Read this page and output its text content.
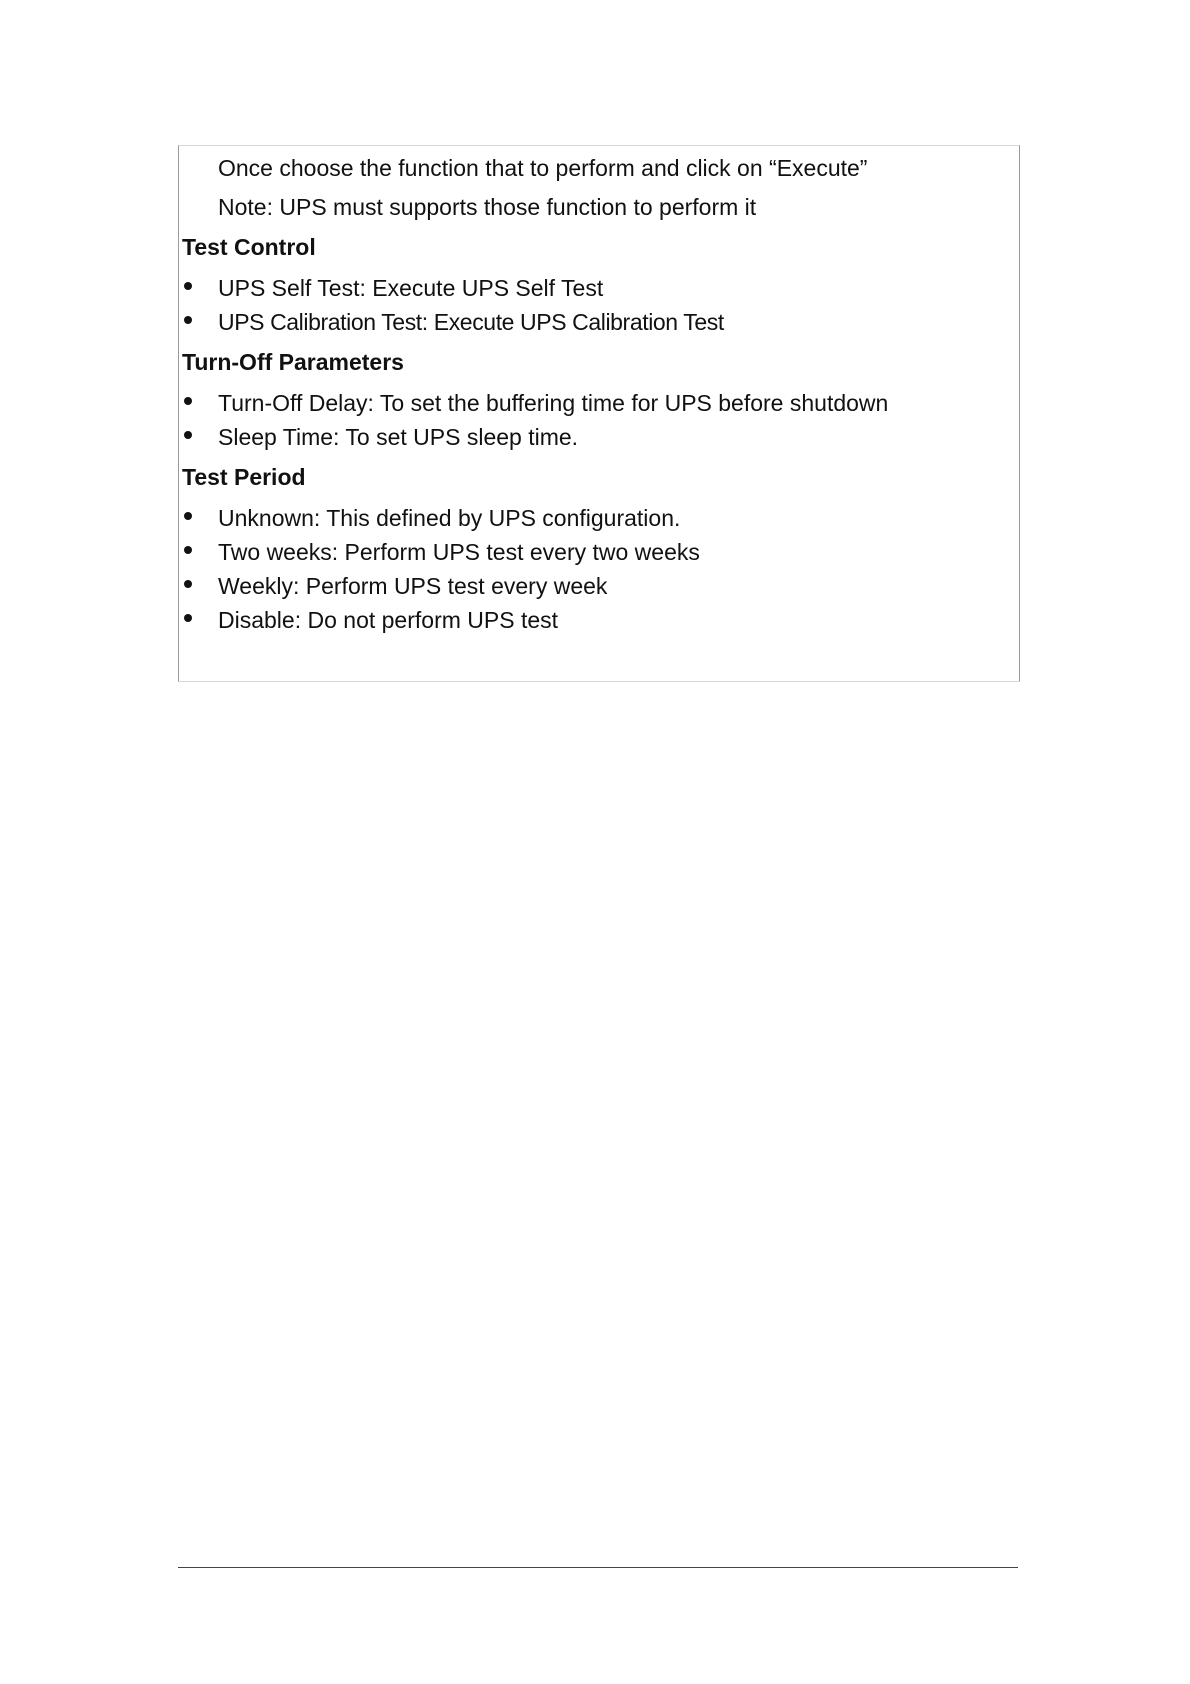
Once choose the function that to perform and click on “Execute”
Note: UPS must supports those function to perform it
Test Control
UPS Self Test: Execute UPS Self Test
UPS Calibration Test: Execute UPS Calibration Test
Turn-Off Parameters
Turn-Off Delay: To set the buffering time for UPS before shutdown
Sleep Time: To set UPS sleep time.
Test Period
Unknown: This defined by UPS configuration.
Two weeks: Perform UPS test every two weeks
Weekly: Perform UPS test every week
Disable: Do not perform UPS test
